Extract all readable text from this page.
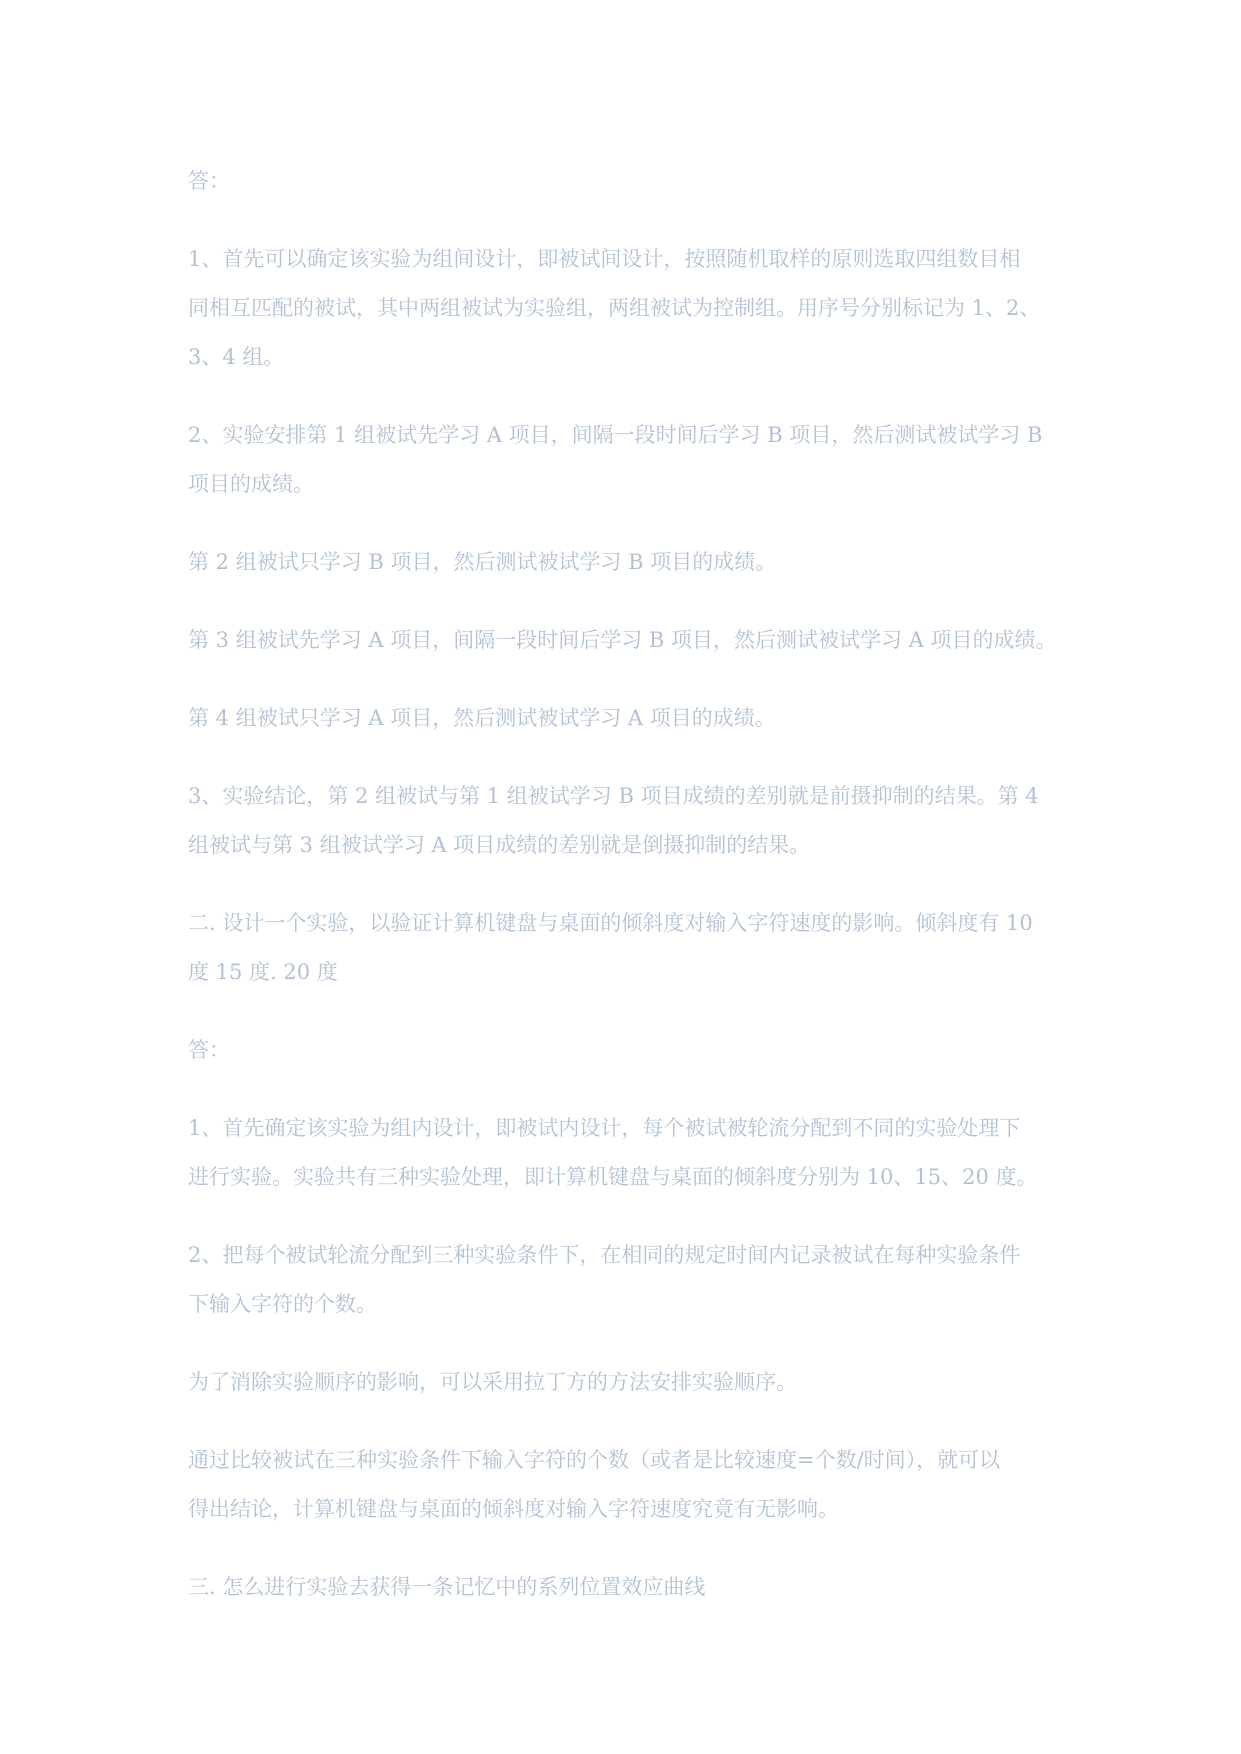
答：

1、首先可以确定该实验为组间设计，即被试间设计，按照随机取样的原则选取四组数目相
同相互匹配的被试，其中两组被试为实验组，两组被试为控制组。用序号分别标记为 1、2、
3、4 组。

2、实验安排第 1 组被试先学习 A 项目，间隔一段时间后学习 B 项目，然后测试被试学习 B
项目的成绩。

第 2 组被试只学习 B 项目，然后测试被试学习 B 项目的成绩。

第 3 组被试先学习 A 项目，间隔一段时间后学习 B 项目，然后测试被试学习 A 项目的成绩。

第 4 组被试只学习 A 项目，然后测试被试学习 A 项目的成绩。

3、实验结论，第 2 组被试与第 1 组被试学习 B 项目成绩的差别就是前摄抑制的结果。第 4
组被试与第 3 组被试学习 A 项目成绩的差别就是倒摄抑制的结果。

二. 设计一个实验，以验证计算机键盘与桌面的倾斜度对输入字符速度的影响。倾斜度有 10
度 15 度. 20 度

答：

1、首先确定该实验为组内设计，即被试内设计，每个被试被轮流分配到不同的实验处理下
进行实验。实验共有三种实验处理，即计算机键盘与桌面的倾斜度分别为 10、15、20 度。

2、把每个被试轮流分配到三种实验条件下，在相同的规定时间内记录被试在每种实验条件
下输入字符的个数。

为了消除实验顺序的影响，可以采用拉丁方的方法安排实验顺序。

通过比较被试在三种实验条件下输入字符的个数（或者是比较速度=个数/时间），就可以
得出结论，计算机键盘与桌面的倾斜度对输入字符速度究竟有无影响。

三. 怎么进行实验去获得一条记忆中的系列位置效应曲线
